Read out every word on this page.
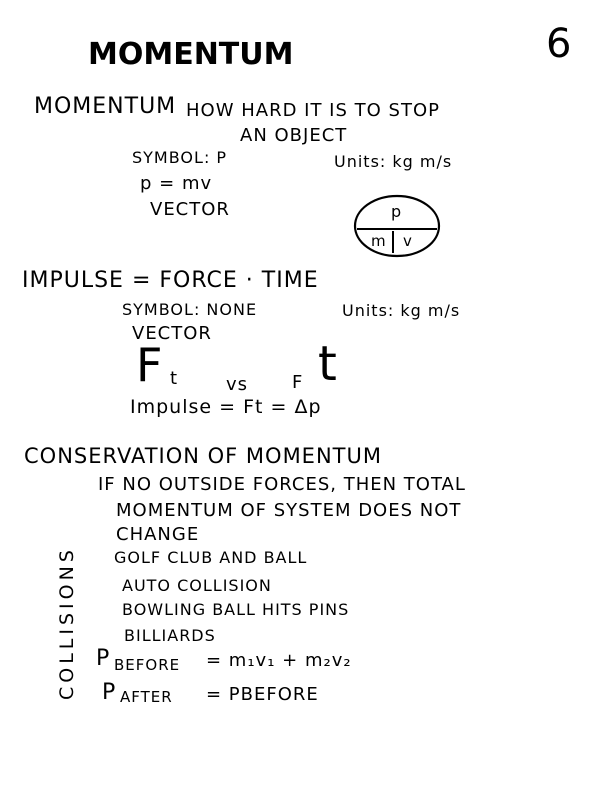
6
MOMENTUM
MOMENTUM HOW HARD IT IS TO STOP
AN OBJECT
SYMBOL: P	Units: kg m/s
p = mv
VECTOR	p
m v
IMPULSE = FORCE · TIME
SYMBOL: NONE	Units: kg m/s
VECTOR
F t	vs F t
Impulse = Ft = Δp
CONSERVATION OF MOMENTUM
IF NO OUTSIDE FORCES, THEN TOTAL
MOMENTUM OF SYSTEM DOES NOT
CHANGE
COLLISIONS GOLF CLUB AND BALL
AUTO COLLISION
BOWLING BALL HITS PINS
BILLIARDS
P BEFORE = m₁v₁ + m₂v₂
P AFTER = PBEFORE
